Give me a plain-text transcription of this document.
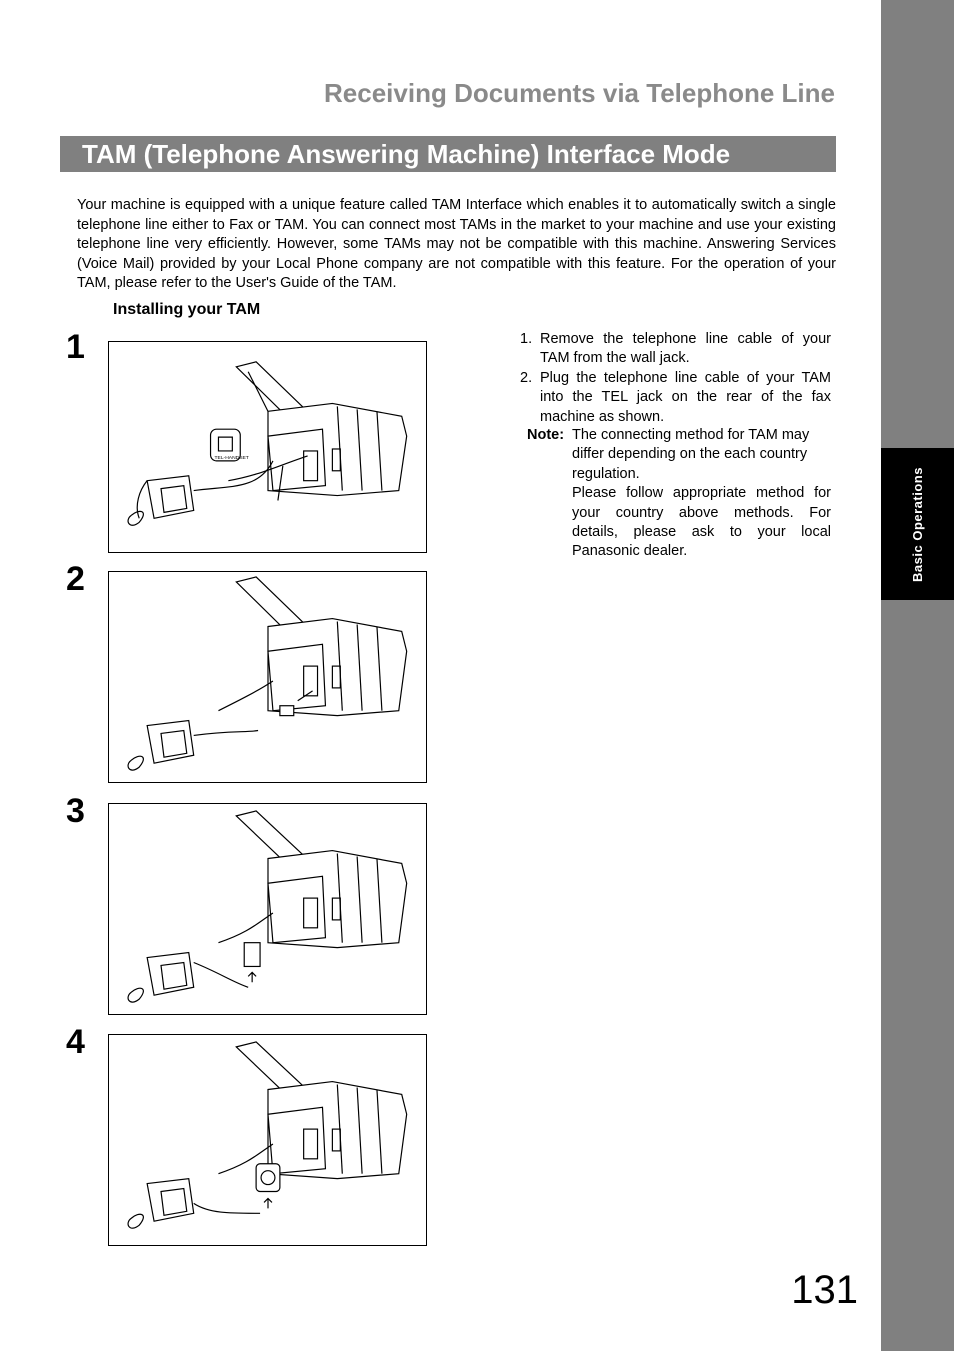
Basic Operations
Receiving Documents via Telephone Line
TAM (Telephone Answering Machine) Interface Mode

Your machine is equipped with a unique feature called TAM Interface which enables it to automatically switch a single telephone line either to Fax or TAM. You can connect most TAMs in the market to your machine and use your existing telephone line very efficiently. However, some TAMs may not be compatible with this machine. Answering Services (Voice Mail) provided by your Local Phone company are not compatible with this feature. For the operation of your TAM, please refer to the User's Guide of the TAM.

Installing your TAM
1
2
3
4
TEL-HANDSET
1. Remove the telephone line cable of your TAM from the wall jack.
2. Plug the telephone line cable of your TAM into the TEL jack on the rear of the fax machine as shown.
Note: The connecting method for TAM may differ depending on the each country regulation.

Please follow appropriate method for your country above methods. For details, please ask to your local Panasonic dealer.

131
